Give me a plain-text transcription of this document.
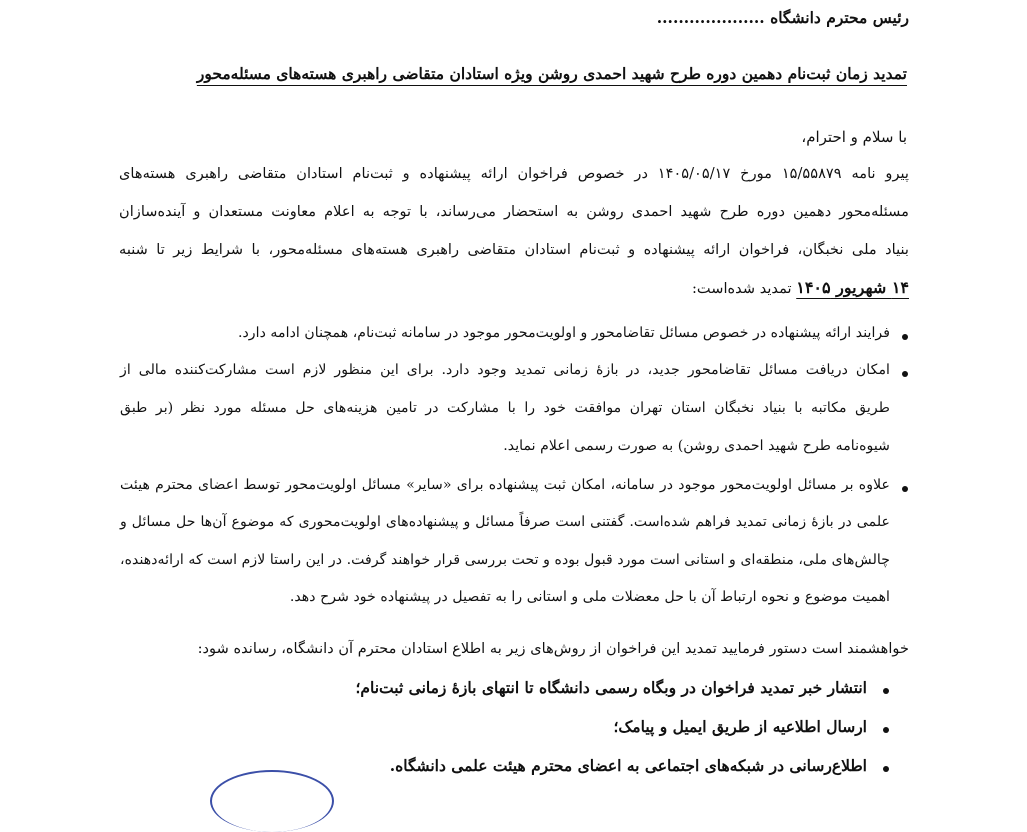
رئیس محترم دانشگاه ....................
تمدید زمان ثبت‌نام دهمین دوره طرح شهید احمدی روشن ویژه استادان متقاضی راهبری هسته‌های مسئله‌محور
با سلام و احترام،
پیرو نامه ۱۵/۵۵۸۷۹ مورخ ۱۴۰۵/۰۵/۱۷ در خصوص فراخوان ارائه پیشنهاده و ثبت‌نام استادان متقاضی راهبری هسته‌های
مسئله‌محور دهمین دوره طرح شهید احمدی روشن به استحضار می‌رساند، با توجه به اعلام معاونت مستعدان و آینده‌سازان
بنیاد ملی نخبگان، فراخوان ارائه پیشنهاده و ثبت‌نام استادان متقاضی راهبری هسته‌های مسئله‌محور، با شرایط زیر تا شنبه
۱۴ شهریور ۱۴۰۵ تمدید شده‌است:
فرایند ارائه پیشنهاده در خصوص مسائل تقاضامحور و اولویت‌محور موجود در سامانه ثبت‌نام، همچنان ادامه دارد.
امکان دریافت مسائل تقاضامحور جدید، در بازهٔ زمانی تمدید وجود دارد. برای این منظور لازم است مشارکت‌کننده مالی از
طریق مکاتبه با بنیاد نخبگان استان تهران موافقت خود را با مشارکت در تامین هزینه‌های حل مسئله مورد نظر (بر طبق
شیوه‌نامه طرح شهید احمدی روشن) به صورت رسمی اعلام نماید.
علاوه بر مسائل اولویت‌محور موجود در سامانه، امکان ثبت پیشنهاده برای «سایر» مسائل اولویت‌محور توسط اعضای محترم هیئت
علمی در بازهٔ زمانی تمدید فراهم شده‌است. گفتنی است صرفاً مسائل و پیشنهاده‌های اولویت‌محوری که موضوع آن‌ها حل مسائل و
چالش‌های ملی، منطقه‌ای و استانی است مورد قبول بوده و تحت بررسی قرار خواهند گرفت. در این راستا لازم است که ارائه‌دهنده،
اهمیت موضوع و نحوه ارتباط آن با حل معضلات ملی و استانی را به تفصیل در پیشنهاده خود شرح دهد.
خواهشمند است دستور فرمایید تمدید این فراخوان از روش‌های زیر به اطلاع استادان محترم آن دانشگاه، رسانده شود:
انتشار خبر تمدید فراخوان در وبگاه رسمی دانشگاه تا انتهای بازهٔ زمانی ثبت‌نام؛
ارسال اطلاعیه از طریق ایمیل و پیامک؛
اطلاع‌رسانی در شبکه‌های اجتماعی به اعضای محترم هیئت علمی دانشگاه.
